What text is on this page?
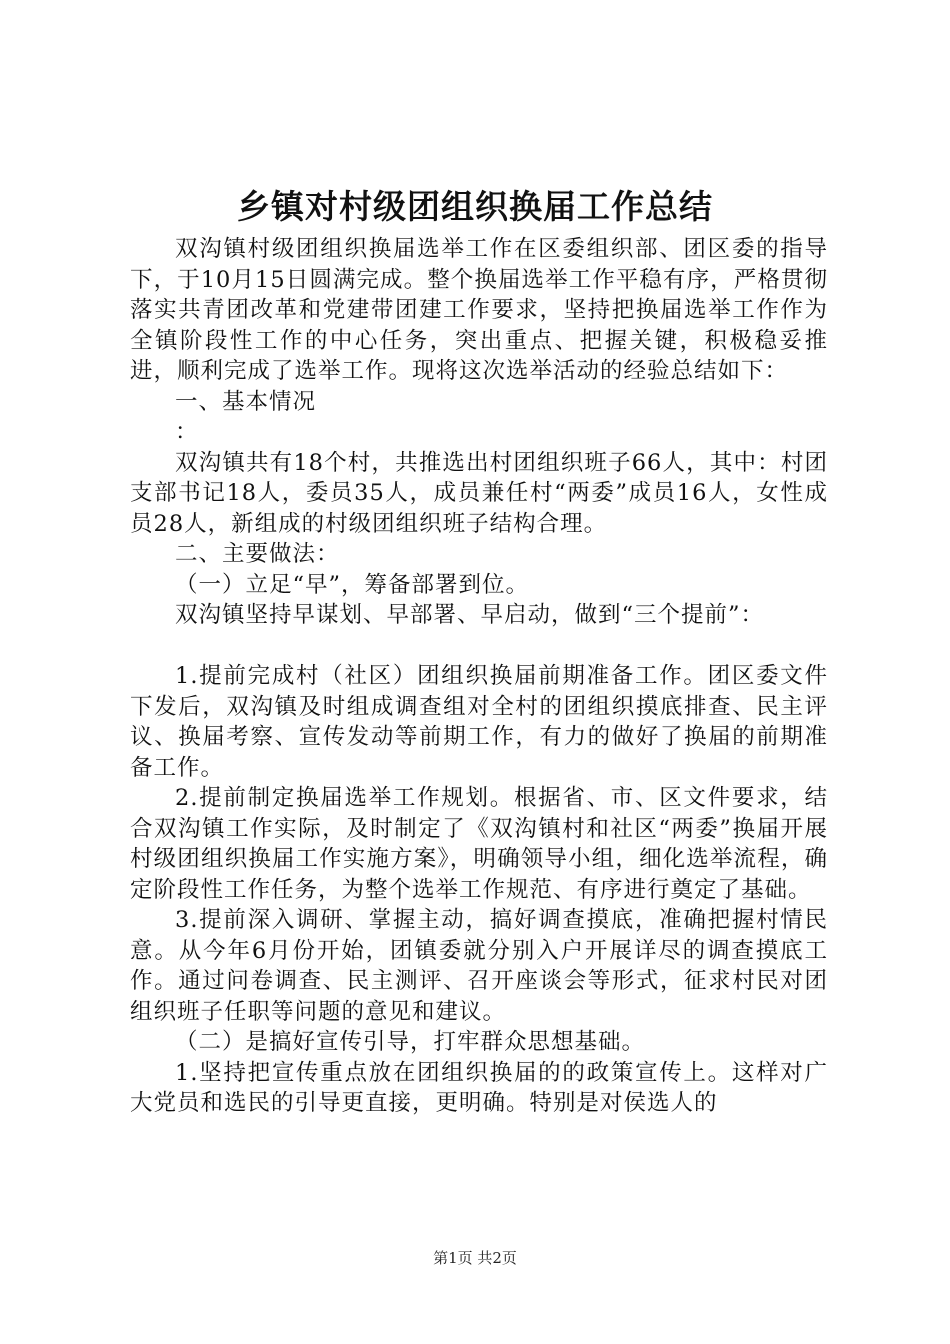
乡镇对村级团组织换届工作总结

双沟镇村级团组织换届选举工作在区委组织部、团区委的指导下，于10月15日圆满完成。整个换届选举工作平稳有序，严格贯彻落实共青团改革和党建带团建工作要求，坚持把换届选举工作作为全镇阶段性工作的中心任务，突出重点、把握关键，积极稳妥推进，顺利完成了选举工作。现将这次选举活动的经验总结如下：

一、基本情况

：

双沟镇共有18个村，共推选出村团组织班子66人，其中：村团支部书记18人，委员35人，成员兼任村“两委”成员16人，女性成员28人，新组成的村级团组织班子结构合理。

二、主要做法：

（一）立足“早”，筹备部署到位。

双沟镇坚持早谋划、早部署、早启动，做到“三个提前”：

1.提前完成村（社区）团组织换届前期准备工作。团区委文件下发后，双沟镇及时组成调查组对全村的团组织摸底排查、民主评议、换届考察、宣传发动等前期工作，有力的做好了换届的前期准备工作。

2.提前制定换届选举工作规划。根据省、市、区文件要求，结合双沟镇工作实际，及时制定了《双沟镇村和社区“两委”换届开展村级团组织换届工作实施方案》，明确领导小组，细化选举流程，确定阶段性工作任务，为整个选举工作规范、有序进行奠定了基础。

3.提前深入调研、掌握主动，搞好调查摸底，准确把握村情民意。从今年6月份开始，团镇委就分别入户开展详尽的调查摸底工作。通过问卷调查、民主测评、召开座谈会等形式，征求村民对团组织班子任职等问题的意见和建议。

（二）是搞好宣传引导，打牢群众思想基础。

1.坚持把宣传重点放在团组织换届的的政策宣传上。这样对广大党员和选民的引导更直接，更明确。特别是对侯选人的

第1页 共2页
